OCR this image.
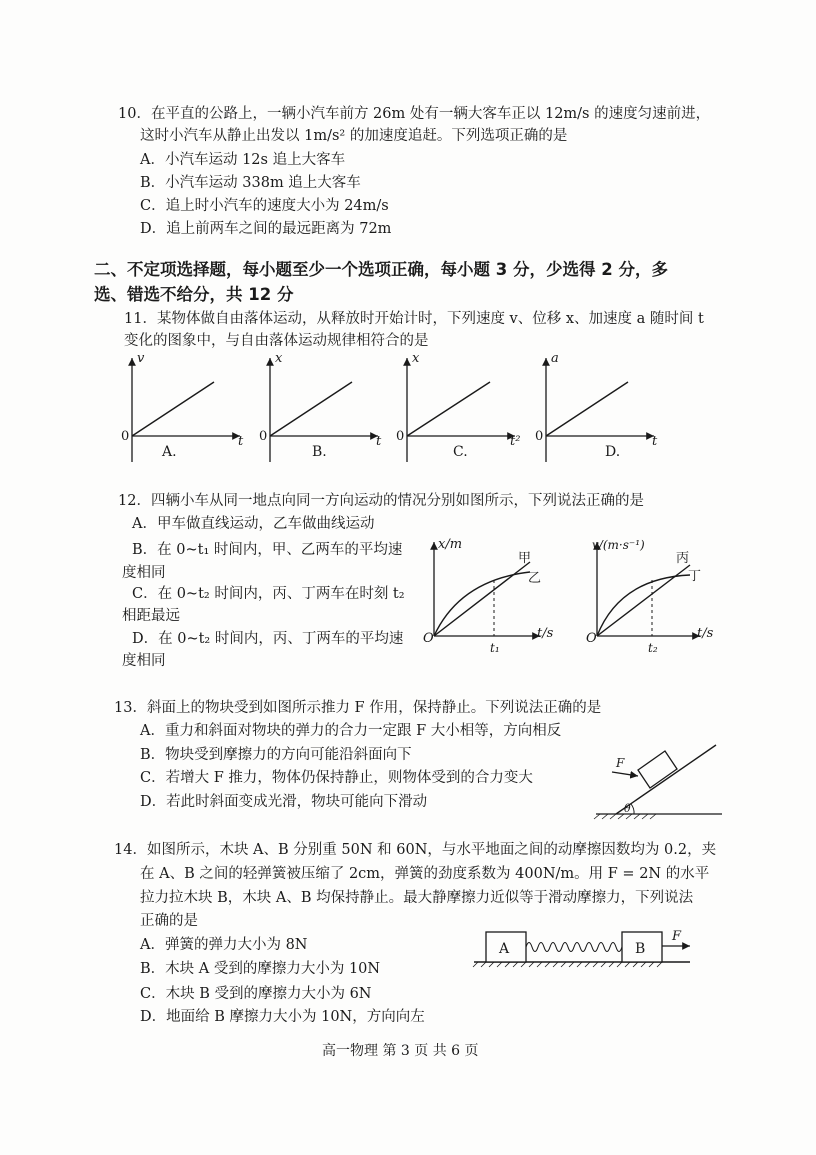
10．在平直的公路上，一辆小汽车前方 26m 处有一辆大客车正以 12m/s 的速度匀速前进，
这时小汽车从静止出发以 1m/s² 的加速度追赶。下列选项正确的是
A．小汽车运动 12s 追上大客车
B．小汽车运动 338m 追上大客车
C．追上时小汽车的速度大小为 24m/s
D．追上前两车之间的最远距离为 72m
二、不定项选择题，每小题至少一个选项正确，每小题 3 分，少选得 2 分，多
选、错选不给分，共 12 分
11．某物体做自由落体运动，从释放时开始计时，下列速度 v、位移 x、加速度 a 随时间 t
变化的图象中，与自由落体运动规律相符合的是
v
t
0
A.
x
t
0
B.
x
t²
0
C.
a
t
0
D.
12．四辆小车从同一地点向同一方向运动的情况分别如图所示，下列说法正确的是
A．甲车做直线运动，乙车做曲线运动
B．在 0~t₁ 时间内，甲、乙两车的平均速
度相同
C．在 0~t₂ 时间内，丙、丁两车在时刻 t₂
相距最远
D．在 0~t₂ 时间内，丙、丁两车的平均速
度相同
x/m
t/s
O
t₁
甲
乙
v/(m·s⁻¹)
t/s
O
t₂
丙
丁
13．斜面上的物块受到如图所示推力 F 作用，保持静止。下列说法正确的是
A．重力和斜面对物块的弹力的合力一定跟 F 大小相等，方向相反
B．物块受到摩擦力的方向可能沿斜面向下
C．若增大 F 推力，物体仍保持静止，则物体受到的合力变大
D．若此时斜面变成光滑，物块可能向下滑动
F
θ
14．如图所示，木块 A、B 分别重 50N 和 60N，与水平地面之间的动摩擦因数均为 0.2，夹
在 A、B 之间的轻弹簧被压缩了 2cm，弹簧的劲度系数为 400N/m。用 F = 2N 的水平
拉力拉木块 B，木块 A、B 均保持静止。最大静摩擦力近似等于滑动摩擦力，下列说法
正确的是
A．弹簧的弹力大小为 8N
B．木块 A 受到的摩擦力大小为 10N
C．木块 B 受到的摩擦力大小为 6N
D．地面给 B 摩擦力大小为 10N，方向向左
A	B
F
高一物理 第 3 页 共 6 页
